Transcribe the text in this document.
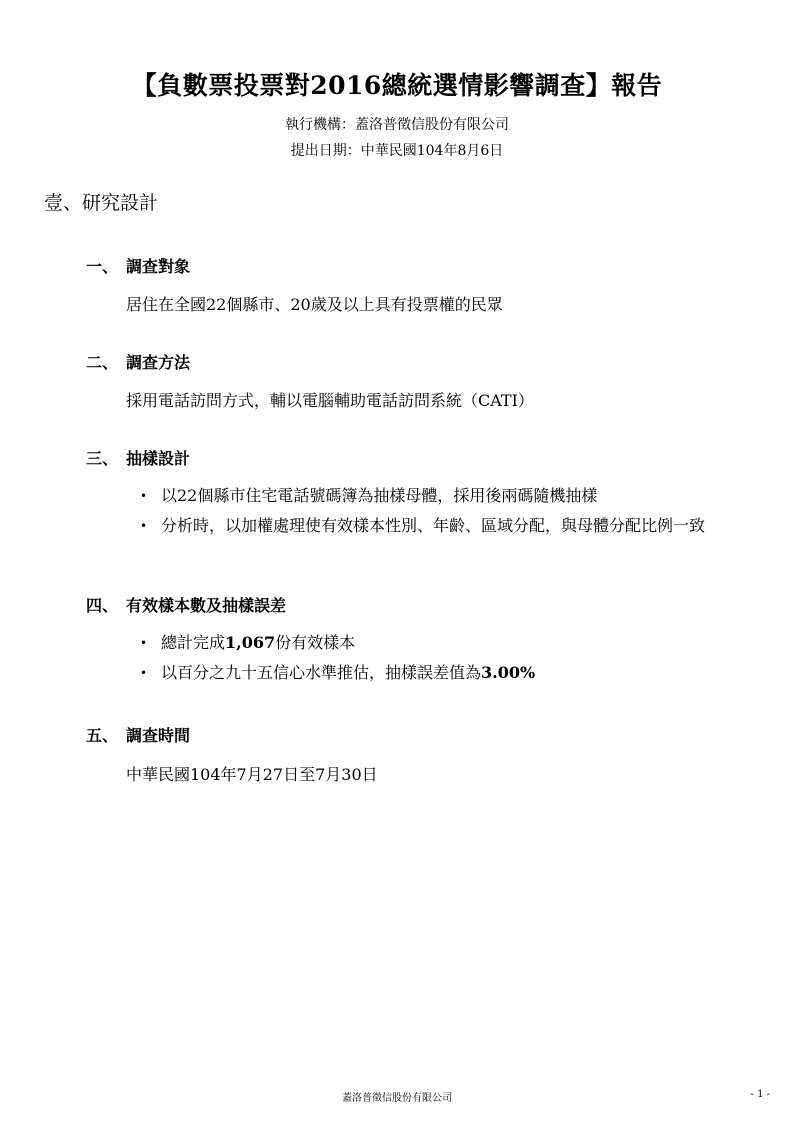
【負數票投票對2016總統選情影響調查】報告
執行機構：蓋洛普徵信股份有限公司
提出日期：中華民國104年8月6日
壹、研究設計
一、 調查對象
居住在全國22個縣市、20歲及以上具有投票權的民眾
二、 調查方法
採用電話訪問方式，輔以電腦輔助電話訪問系統（CATI）
三、 抽樣設計
• 以22個縣市住宅電話號碼簿為抽樣母體，採用後兩碼隨機抽樣
• 分析時，以加權處理使有效樣本性別、年齡、區域分配，與母體分配比例一致
四、 有效樣本數及抽樣誤差
• 總計完成1,067份有效樣本
• 以百分之九十五信心水準推估，抽樣誤差值為3.00%
五、 調查時間
中華民國104年7月27日至7月30日
蓋洛普徵信股份有限公司	- 1 -
